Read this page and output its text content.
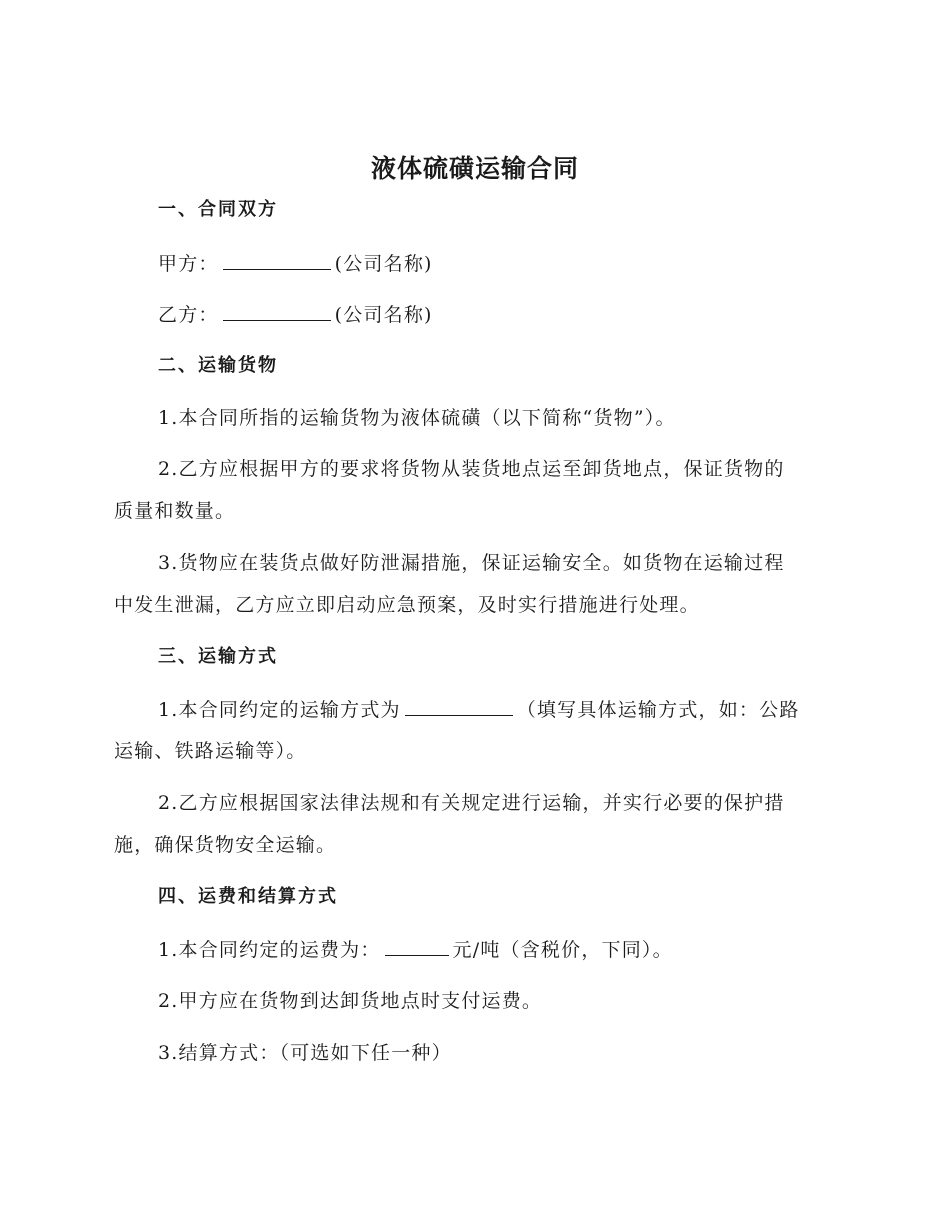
液体硫磺运输合同
一、合同双方
甲方：	(公司名称)
乙方：	(公司名称)
二、运输货物
1.本合同所指的运输货物为液体硫磺（以下简称“货物”）。
2.乙方应根据甲方的要求将货物从装货地点运至卸货地点，保证货物的
质量和数量。
3.货物应在装货点做好防泄漏措施，保证运输安全。如货物在运输过程
中发生泄漏，乙方应立即启动应急预案，及时实行措施进行处理。
三、运输方式
1.本合同约定的运输方式为	（填写具体运输方式，如：公路
运输、铁路运输等）。
2.乙方应根据国家法律法规和有关规定进行运输，并实行必要的保护措
施，确保货物安全运输。
四、运费和结算方式
1.本合同约定的运费为：	元/吨（含税价，下同）。
2.甲方应在货物到达卸货地点时支付运费。
3.结算方式：（可选如下任一种）
